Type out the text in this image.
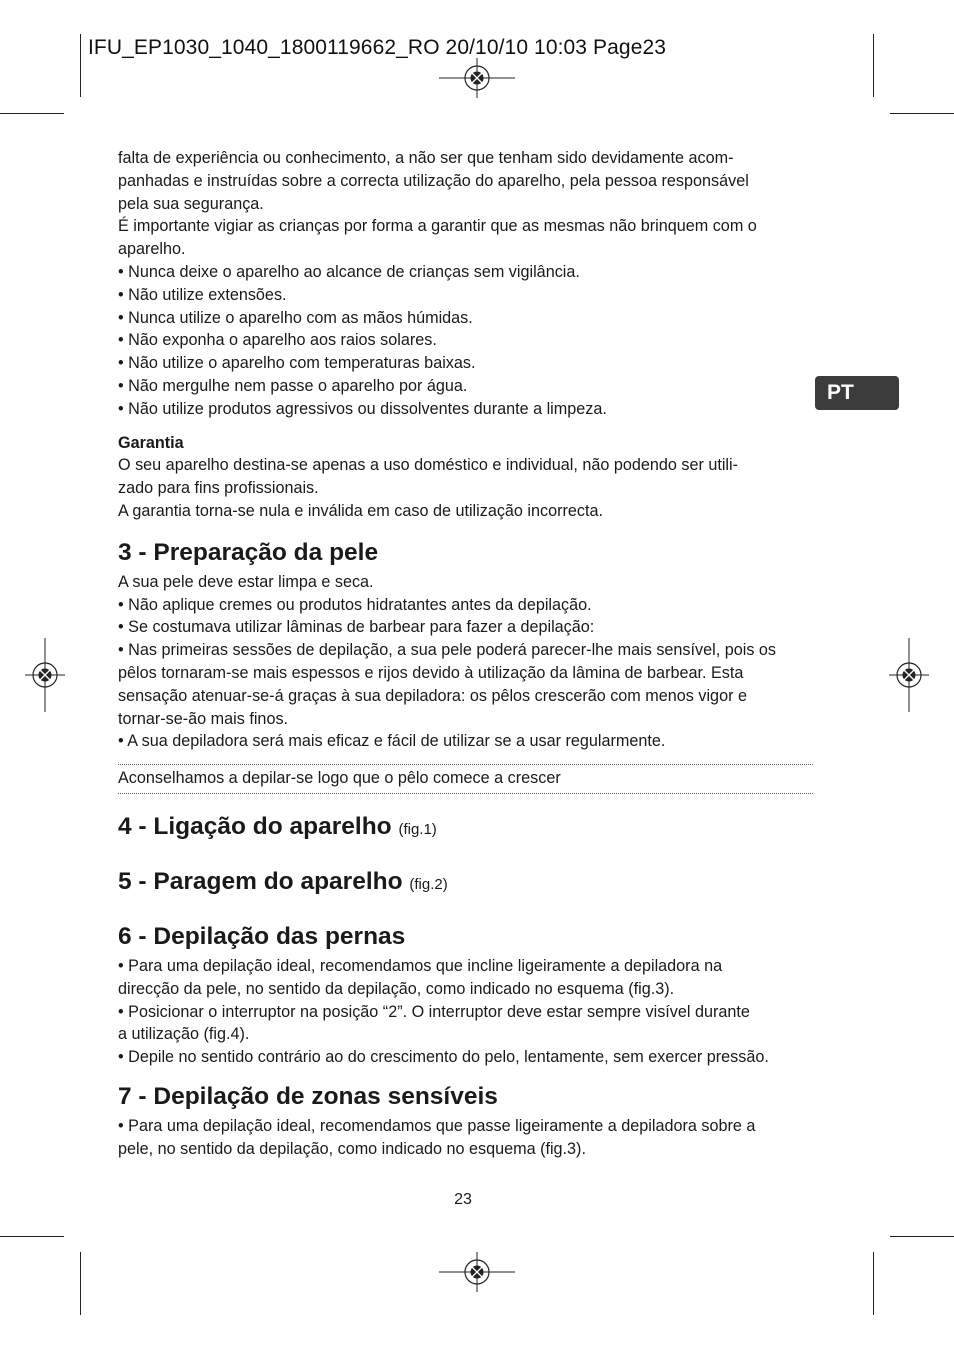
IFU_EP1030_1040_1800119662_RO 20/10/10 10:03 Page23
PT

falta de experiência ou conhecimento, a não ser que tenham sido devidamente acom-

panhadas e instruídas sobre a correcta utilização do aparelho, pela pessoa responsável

pela sua segurança.

É importante vigiar as crianças por forma a garantir que as mesmas não brinquem com o

aparelho.

• Nunca deixe o aparelho ao alcance de crianças sem vigilância.

• Não utilize extensões.

• Nunca utilize o aparelho com as mãos húmidas.

• Não exponha o aparelho aos raios solares.

• Não utilize o aparelho com temperaturas baixas.

• Não mergulhe nem passe o aparelho por água.

• Não utilize produtos agressivos ou dissolventes durante a limpeza.

Garantia

O seu aparelho destina-se apenas a uso doméstico e individual, não podendo ser utili-

zado para fins profissionais.

A garantia torna-se nula e inválida em caso de utilização incorrecta.

3 - Preparação da pele

A sua pele deve estar limpa e seca.

• Não aplique cremes ou produtos hidratantes antes da depilação.

• Se costumava utilizar lâminas de barbear para fazer a depilação:

• Nas primeiras sessões de depilação, a sua pele poderá parecer-lhe mais sensível, pois os

pêlos tornaram-se mais espessos e rijos devido à utilização da lâmina de barbear. Esta

sensação atenuar-se-á graças à sua depiladora: os pêlos crescerão com menos vigor e

tornar-se-ão mais finos.

• A sua depiladora será mais eficaz e fácil de utilizar se a usar regularmente.

Aconselhamos a depilar-se logo que o pêlo comece a crescer

4 - Ligação do aparelho (fig.1)
5 - Paragem do aparelho (fig.2)
6 - Depilação das pernas

• Para uma depilação ideal, recomendamos que incline ligeiramente a depiladora na

direcção da pele, no sentido da depilação, como indicado no esquema (fig.3).

• Posicionar o interruptor na posição “2”. O interruptor deve estar sempre visível durante

a utilização (fig.4).

• Depile no sentido contrário ao do crescimento do pelo, lentamente, sem exercer pressão.

7 - Depilação de zonas sensíveis

• Para uma depilação ideal, recomendamos que passe ligeiramente a depiladora sobre a

pele, no sentido da depilação, como indicado no esquema (fig.3).

23
